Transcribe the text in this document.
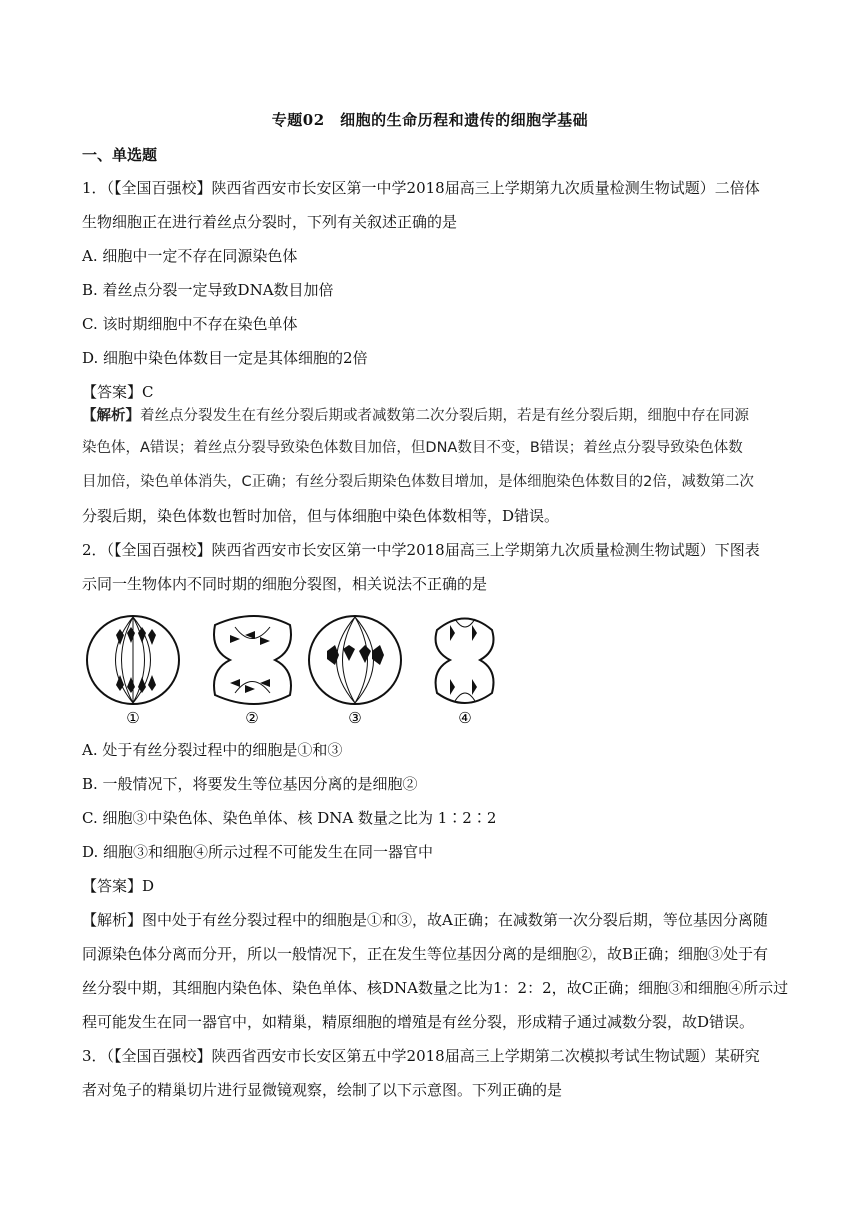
专题02　细胞的生命历程和遗传的细胞学基础
一、单选题
1．（【全国百强校】陕西省西安市长安区第一中学2018届高三上学期第九次质量检测生物试题）二倍体
生物细胞正在进行着丝点分裂时，下列有关叙述正确的是
A. 细胞中一定不存在同源染色体
B. 着丝点分裂一定导致DNA数目加倍
C. 该时期细胞中不存在染色单体
D. 细胞中染色体数目一定是其体细胞的2倍
【答案】C
【解析】着丝点分裂发生在有丝分裂后期或者减数第二次分裂后期，若是有丝分裂后期，细胞中存在同源
染色体，A错误；着丝点分裂导致染色体数目加倍，但DNA数目不变，B错误；着丝点分裂导致染色体数
目加倍，染色单体消失，C正确；有丝分裂后期染色体数目增加，是体细胞染色体数目的2倍，减数第二次
分裂后期，染色体数也暂时加倍，但与体细胞中染色体数相等，D错误。
2．（【全国百强校】陕西省西安市长安区第一中学2018届高三上学期第九次质量检测生物试题）下图表
示同一生物体内不同时期的细胞分裂图，相关说法不正确的是
①	②	③	④
A. 处于有丝分裂过程中的细胞是①和③
B. 一般情况下，将要发生等位基因分离的是细胞②
C. 细胞③中染色体、染色单体、核 DNA 数量之比为 1∶2∶2
D. 细胞③和细胞④所示过程不可能发生在同一器官中
【答案】D
【解析】图中处于有丝分裂过程中的细胞是①和③，故A正确；在减数第一次分裂后期，等位基因分离随
同源染色体分离而分开，所以一般情况下，正在发生等位基因分离的是细胞②，故B正确；细胞③处于有
丝分裂中期，其细胞内染色体、染色单体、核DNA数量之比为1：2：2，故C正确；细胞③和细胞④所示过
程可能发生在同一器官中，如精巢，精原细胞的增殖是有丝分裂，形成精子通过减数分裂，故D错误。
3．（【全国百强校】陕西省西安市长安区第五中学2018届高三上学期第二次模拟考试生物试题）某研究
者对兔子的精巢切片进行显微镜观察，绘制了以下示意图。下列正确的是
